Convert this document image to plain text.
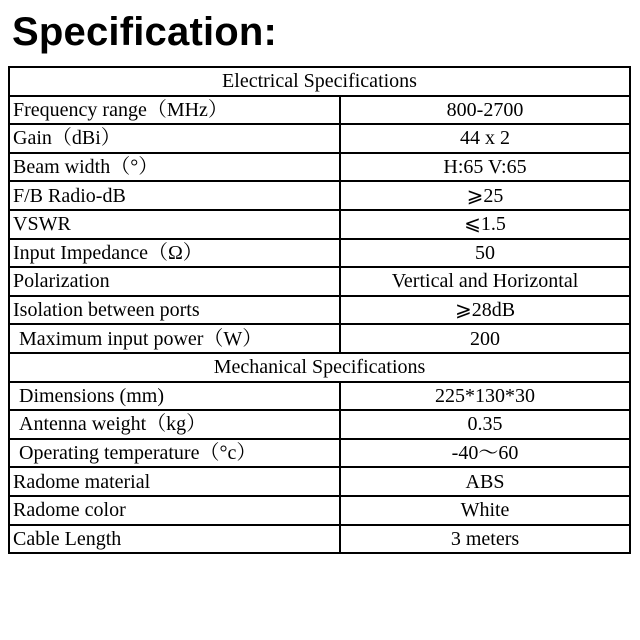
Specification:
Electrical Specifications	
Frequency range（MHz）	800-2700
Gain（dBi）	44 x 2
Beam width（°）	H:65 V:65
F/B Radio-dB	⩾25
VSWR	⩽1.5
Input Impedance（Ω）	50
Polarization	Vertical and Horizontal
Isolation between ports	⩾28dB
Maximum input power（W）	200
Mechanical Specifications	
Dimensions (mm)	225*130*30
Antenna weight（kg）	0.35
Operating temperature（°c）	-40～60
Radome material	ABS
Radome color	White
Cable Length	3 meters
